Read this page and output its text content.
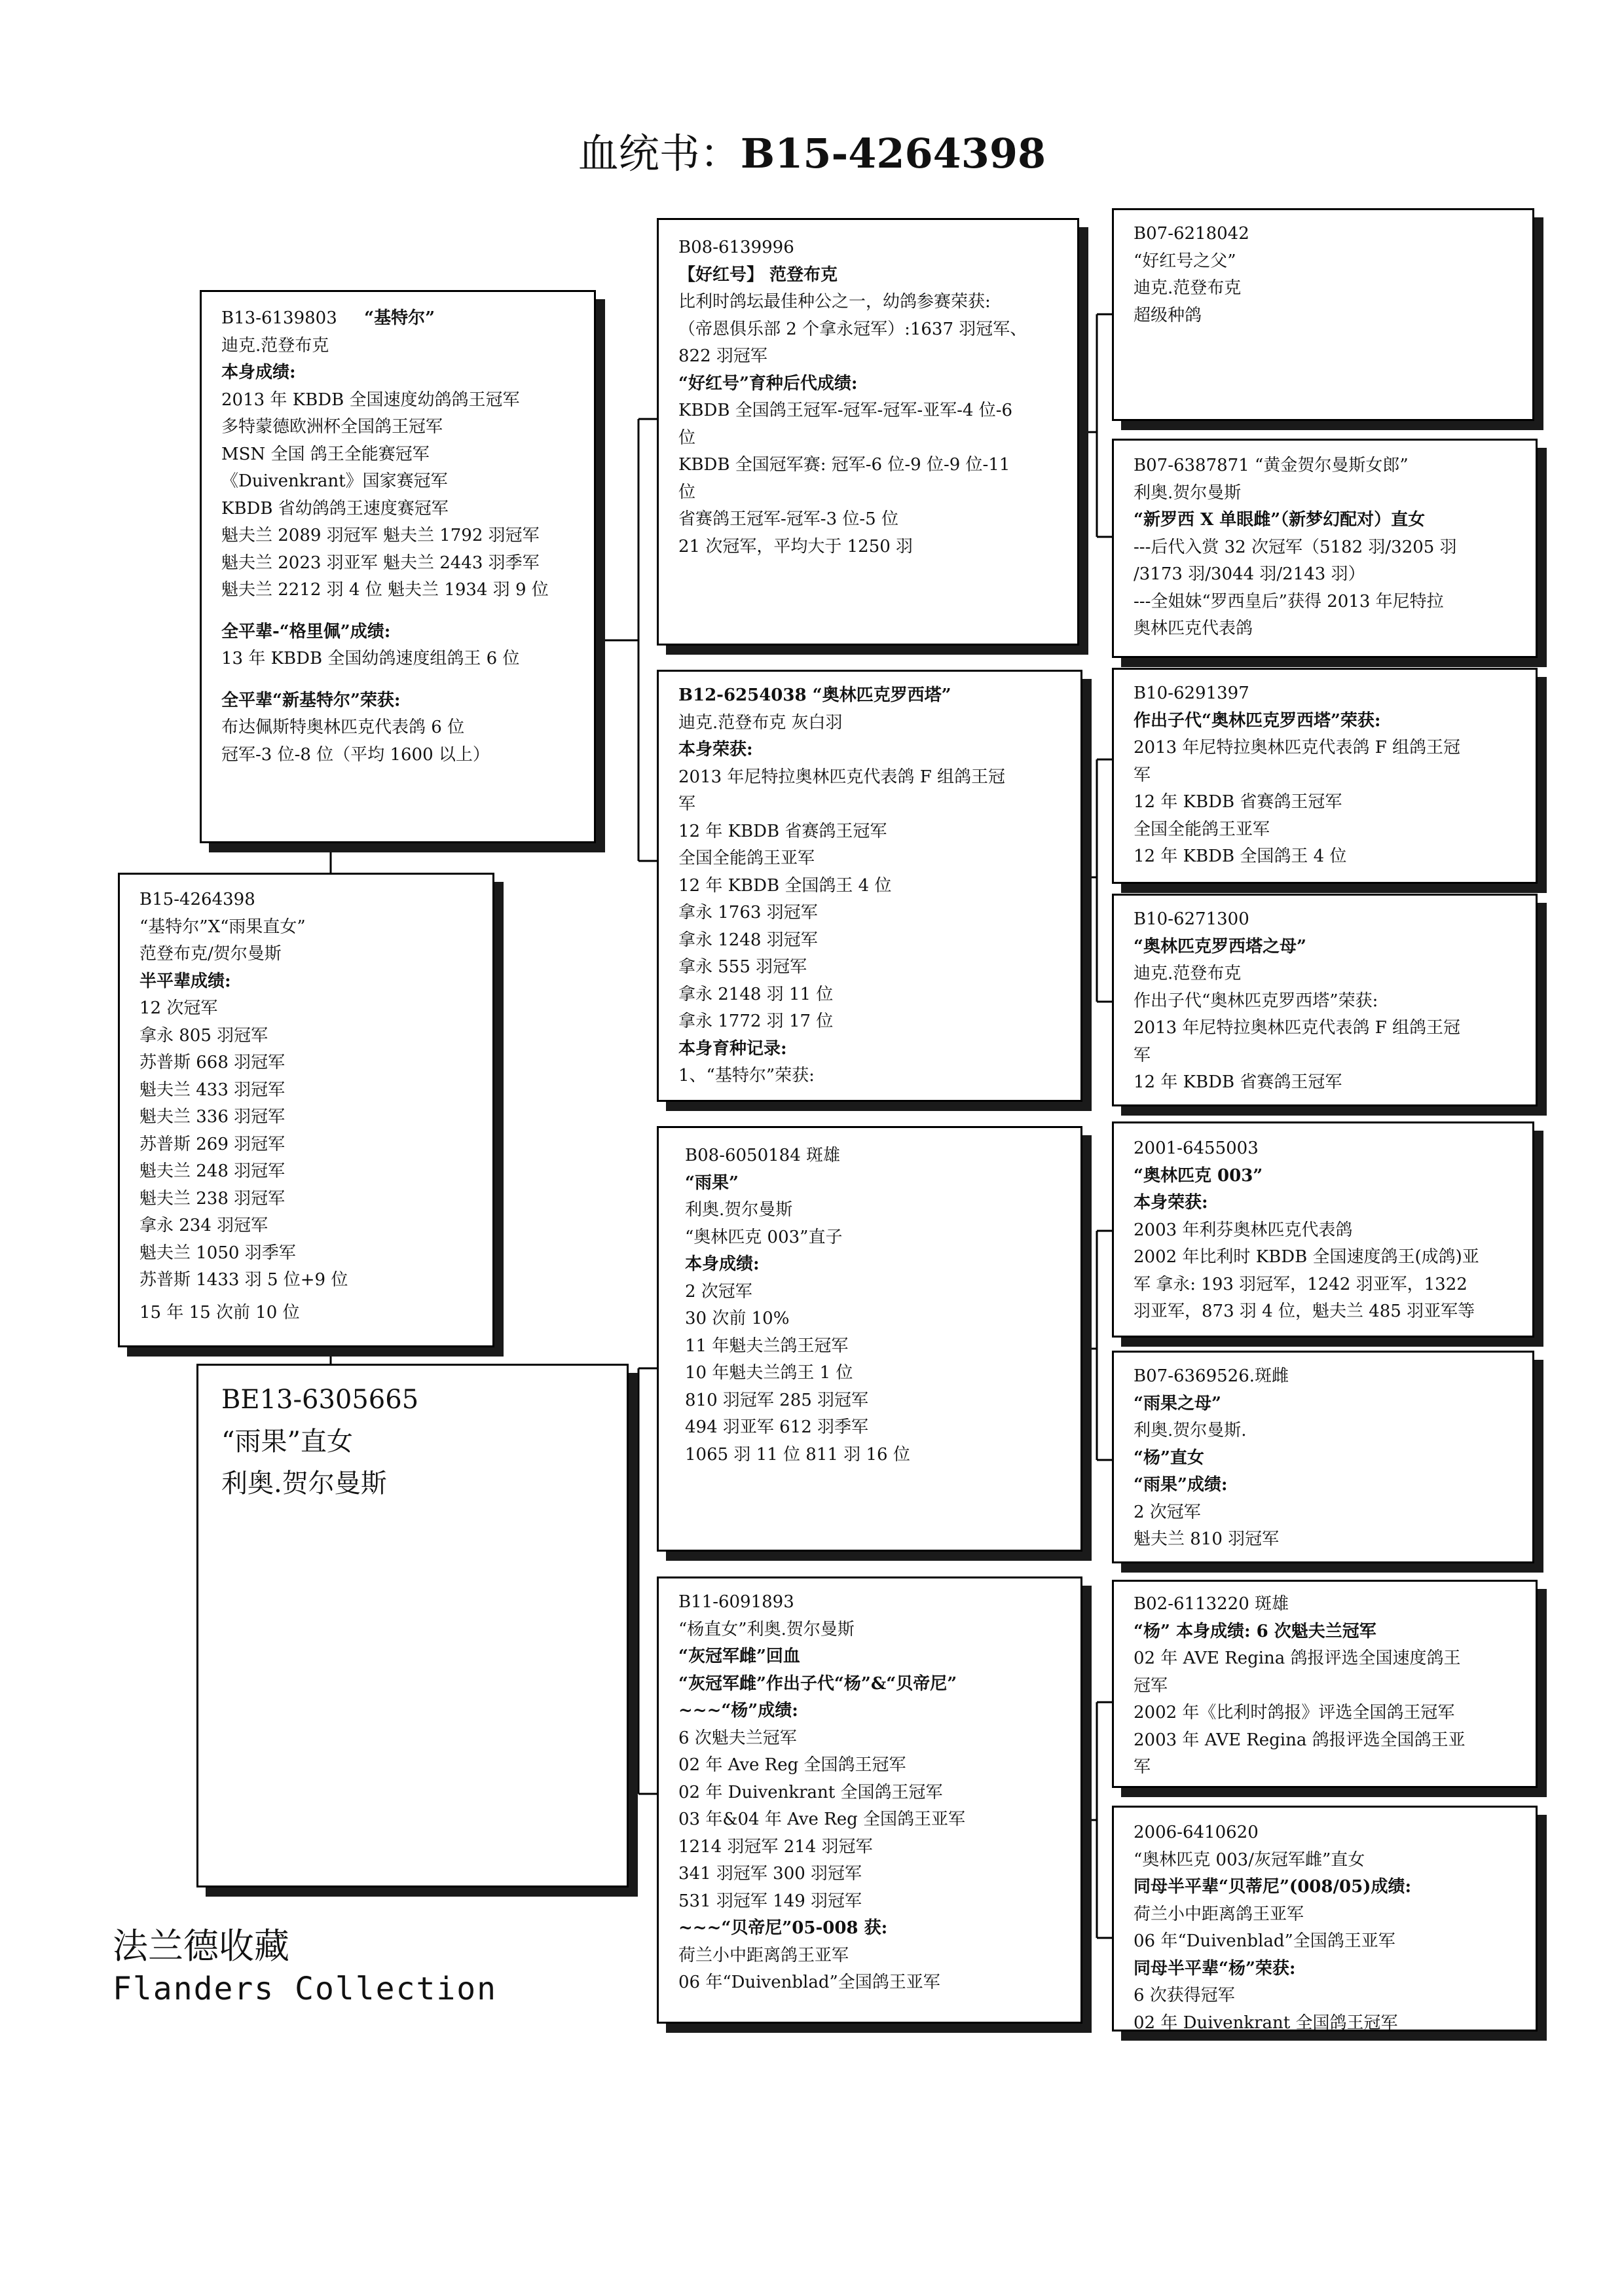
血统书：B15-4264398
B13-6139803 “基特尔”
迪克.范登布克
本身成绩:
2013 年 KBDB 全国速度幼鸽鸽王冠军
多特蒙德欧洲杯全国鸽王冠军
MSN 全国 鸽王全能赛冠军
《Duivenkrant》国家赛冠军
KBDB 省幼鸽鸽王速度赛冠军
魁夫兰 2089 羽冠军 魁夫兰 1792 羽冠军
魁夫兰 2023 羽亚军 魁夫兰 2443 羽季军
魁夫兰 2212 羽 4 位 魁夫兰 1934 羽 9 位
全平辈-“格里佩”成绩:
13 年 KBDB 全国幼鸽速度组鸽王 6 位
全平辈“新基特尔”荣获:
布达佩斯特奥林匹克代表鸽 6 位
冠军-3 位-8 位（平均 1600 以上）
B15-4264398
“基特尔”X“雨果直女”
范登布克/贺尔曼斯
半平辈成绩:
12 次冠军
拿永 805 羽冠军
苏普斯 668 羽冠军
魁夫兰 433 羽冠军
魁夫兰 336 羽冠军
苏普斯 269 羽冠军
魁夫兰 248 羽冠军
魁夫兰 238 羽冠军
拿永 234 羽冠军
魁夫兰 1050 羽季军
苏普斯 1433 羽 5 位+9 位
15 年 15 次前 10 位
BE13-6305665
“雨果”直女
利奥.贺尔曼斯
B08-6139996
【好红号】 范登布克
比利时鸽坛最佳种公之一，幼鸽参赛荣获:
（帝恩俱乐部 2 个拿永冠军）:1637 羽冠军、
822 羽冠军
“好红号”育种后代成绩:
KBDB 全国鸽王冠军-冠军-冠军-亚军-4 位-6
位
KBDB 全国冠军赛: 冠军-6 位-9 位-9 位-11
位
省赛鸽王冠军-冠军-3 位-5 位
21 次冠军，平均大于 1250 羽
B12-6254038 “奥林匹克罗西塔”
迪克.范登布克 灰白羽
本身荣获:
2013 年尼特拉奥林匹克代表鸽 F 组鸽王冠
军
12 年 KBDB 省赛鸽王冠军
全国全能鸽王亚军
12 年 KBDB 全国鸽王 4 位
拿永 1763 羽冠军
拿永 1248 羽冠军
拿永 555 羽冠军
拿永 2148 羽 11 位
拿永 1772 羽 17 位
本身育种记录:
1、“基特尔”荣获:
B08-6050184 斑雄
“雨果”
利奥.贺尔曼斯
“奥林匹克 003”直子
本身成绩:
2 次冠军
30 次前 10%
11 年魁夫兰鸽王冠军
10 年魁夫兰鸽王 1 位
810 羽冠军 285 羽冠军
494 羽亚军 612 羽季军
1065 羽 11 位 811 羽 16 位
B11-6091893
“杨直女”利奥.贺尔曼斯
“灰冠军雌”回血
“灰冠军雌”作出子代“杨”&“贝帝尼”
~~~“杨”成绩:
6 次魁夫兰冠军
02 年 Ave Reg 全国鸽王冠军
02 年 Duivenkrant 全国鸽王冠军
03 年&04 年 Ave Reg 全国鸽王亚军
1214 羽冠军 214 羽冠军
341 羽冠军 300 羽冠军
531 羽冠军 149 羽冠军
~~~“贝帝尼”05-008 获:
荷兰小中距离鸽王亚军
06 年“Duivenblad”全国鸽王亚军
B07-6218042
“好红号之父”
迪克.范登布克
超级种鸽
B07-6387871 “黄金贺尔曼斯女郎”
利奥.贺尔曼斯
“新罗西 X 单眼雌”（新梦幻配对）直女
---后代入赏 32 次冠军（5182 羽/3205 羽
/3173 羽/3044 羽/2143 羽）
---全姐妹“罗西皇后”获得 2013 年尼特拉
奥林匹克代表鸽
B10-6291397
作出子代“奥林匹克罗西塔”荣获:
2013 年尼特拉奥林匹克代表鸽 F 组鸽王冠
军
12 年 KBDB 省赛鸽王冠军
全国全能鸽王亚军
12 年 KBDB 全国鸽王 4 位
B10-6271300
“奥林匹克罗西塔之母”
迪克.范登布克
作出子代“奥林匹克罗西塔”荣获:
2013 年尼特拉奥林匹克代表鸽 F 组鸽王冠
军
12 年 KBDB 省赛鸽王冠军
2001-6455003
“奥林匹克 003”
本身荣获:
2003 年利芬奥林匹克代表鸽
2002 年比利时 KBDB 全国速度鸽王(成鸽)亚
军 拿永: 193 羽冠军，1242 羽亚军，1322
羽亚军，873 羽 4 位，魁夫兰 485 羽亚军等
B07-6369526.斑雌
“雨果之母”
利奥.贺尔曼斯.
“杨”直女
“雨果”成绩:
2 次冠军
魁夫兰 810 羽冠军
B02-6113220 斑雄
“杨” 本身成绩: 6 次魁夫兰冠军
02 年 AVE Regina 鸽报评选全国速度鸽王
冠军
2002 年《比利时鸽报》评选全国鸽王冠军
2003 年 AVE Regina 鸽报评选全国鸽王亚
军
2006-6410620
“奥林匹克 003/灰冠军雌”直女
同母半平辈“贝蒂尼”(008/05)成绩:
荷兰小中距离鸽王亚军
06 年“Duivenblad”全国鸽王亚军
同母半平辈“杨”荣获:
6 次获得冠军
02 年 Duivenkrant 全国鸽王冠军
法兰德收藏
Flanders Collection
